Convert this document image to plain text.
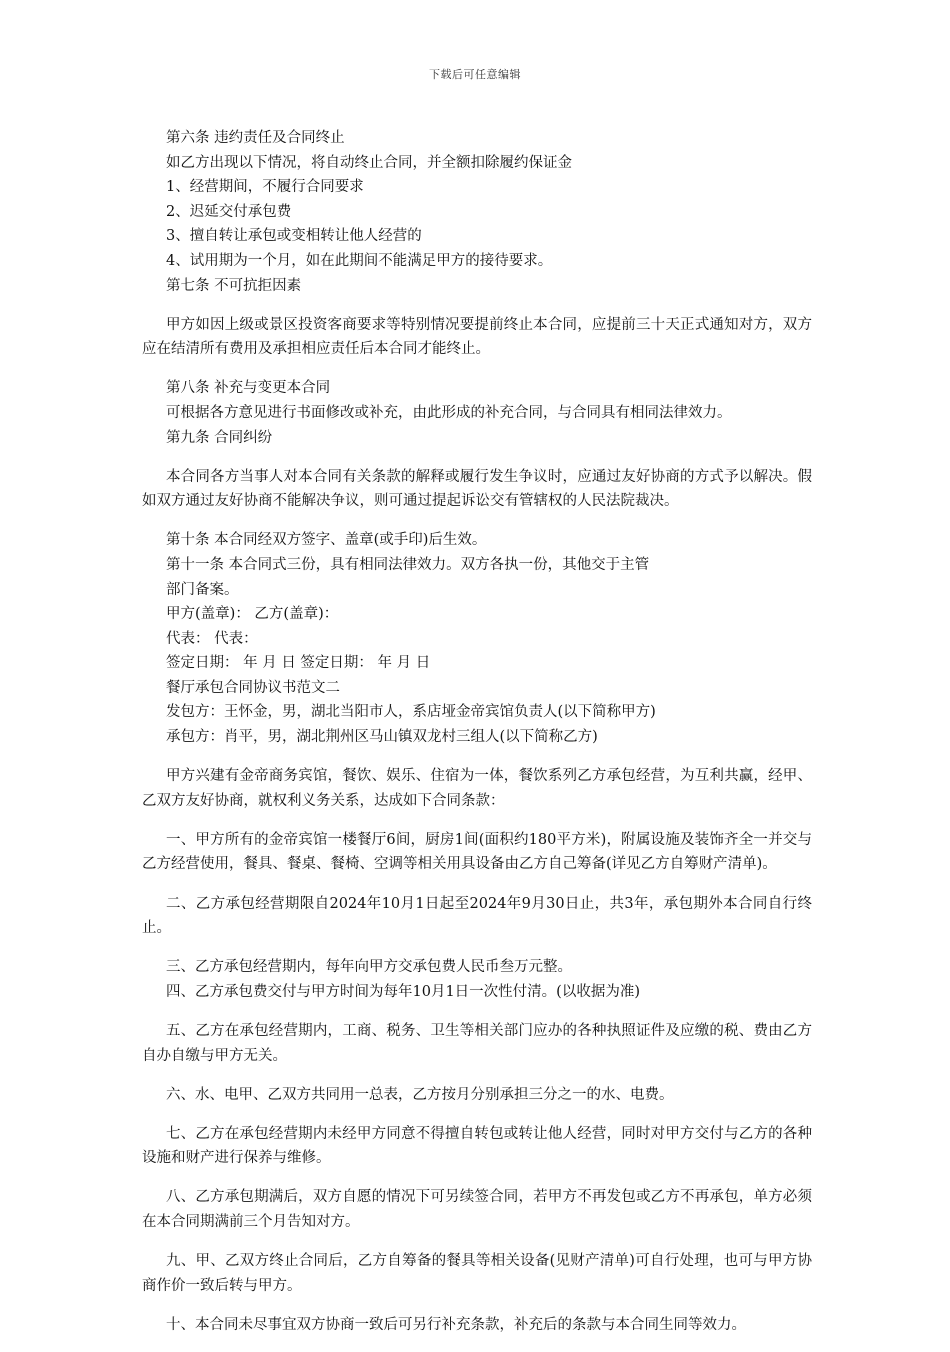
下载后可任意编辑

第六条 违约责任及合同终止

如乙方出现以下情况，将自动终止合同，并全额扣除履约保证金

1、经营期间，不履行合同要求

2、迟延交付承包费

3、擅自转让承包或变相转让他人经营的

4、试用期为一个月，如在此期间不能满足甲方的接待要求。

第七条 不可抗拒因素

甲方如因上级或景区投资客商要求等特别情况要提前终止本合同，应提前三十天正式通知对方，双方应在结清所有费用及承担相应责任后本合同才能终止。

第八条 补充与变更本合同

可根据各方意见进行书面修改或补充，由此形成的补充合同，与合同具有相同法律效力。

第九条 合同纠纷

本合同各方当事人对本合同有关条款的解释或履行发生争议时，应通过友好协商的方式予以解决。假如双方通过友好协商不能解决争议，则可通过提起诉讼交有管辖权的人民法院裁决。

第十条 本合同经双方签字、盖章(或手印)后生效。

第十一条 本合同式三份，具有相同法律效力。双方各执一份，其他交于主管

部门备案。

甲方(盖章)： 乙方(盖章)：

代表： 代表：

签定日期： 年 月 日 签定日期： 年 月 日

餐厅承包合同协议书范文二

发包方：王怀金，男，湖北当阳市人，系店垭金帝宾馆负责人(以下简称甲方)

承包方：肖平，男，湖北荆州区马山镇双龙村三组人(以下简称乙方)

甲方兴建有金帝商务宾馆，餐饮、娱乐、住宿为一体，餐饮系列乙方承包经营，为互利共赢，经甲、乙双方友好协商，就权利义务关系，达成如下合同条款：

一、甲方所有的金帝宾馆一楼餐厅6间，厨房1间(面积约180平方米)，附属设施及装饰齐全一并交与乙方经营使用，餐具、餐桌、餐椅、空调等相关用具设备由乙方自己筹备(详见乙方自筹财产清单)。

二、乙方承包经营期限自2024年10月1日起至2024年9月30日止，共3年，承包期外本合同自行终止。

三、乙方承包经营期内，每年向甲方交承包费人民币叁万元整。

四、乙方承包费交付与甲方时间为每年10月1日一次性付清。(以收据为准)

五、乙方在承包经营期内，工商、税务、卫生等相关部门应办的各种执照证件及应缴的税、费由乙方自办自缴与甲方无关。

六、水、电甲、乙双方共同用一总表，乙方按月分别承担三分之一的水、电费。

七、乙方在承包经营期内未经甲方同意不得擅自转包或转让他人经营，同时对甲方交付与乙方的各种设施和财产进行保养与维修。

八、乙方承包期满后，双方自愿的情况下可另续签合同，若甲方不再发包或乙方不再承包，单方必须在本合同期满前三个月告知对方。

九、甲、乙双方终止合同后，乙方自筹备的餐具等相关设备(见财产清单)可自行处理，也可与甲方协商作价一致后转与甲方。

十、本合同未尽事宜双方协商一致后可另行补充条款，补充后的条款与本合同生同等效力。
